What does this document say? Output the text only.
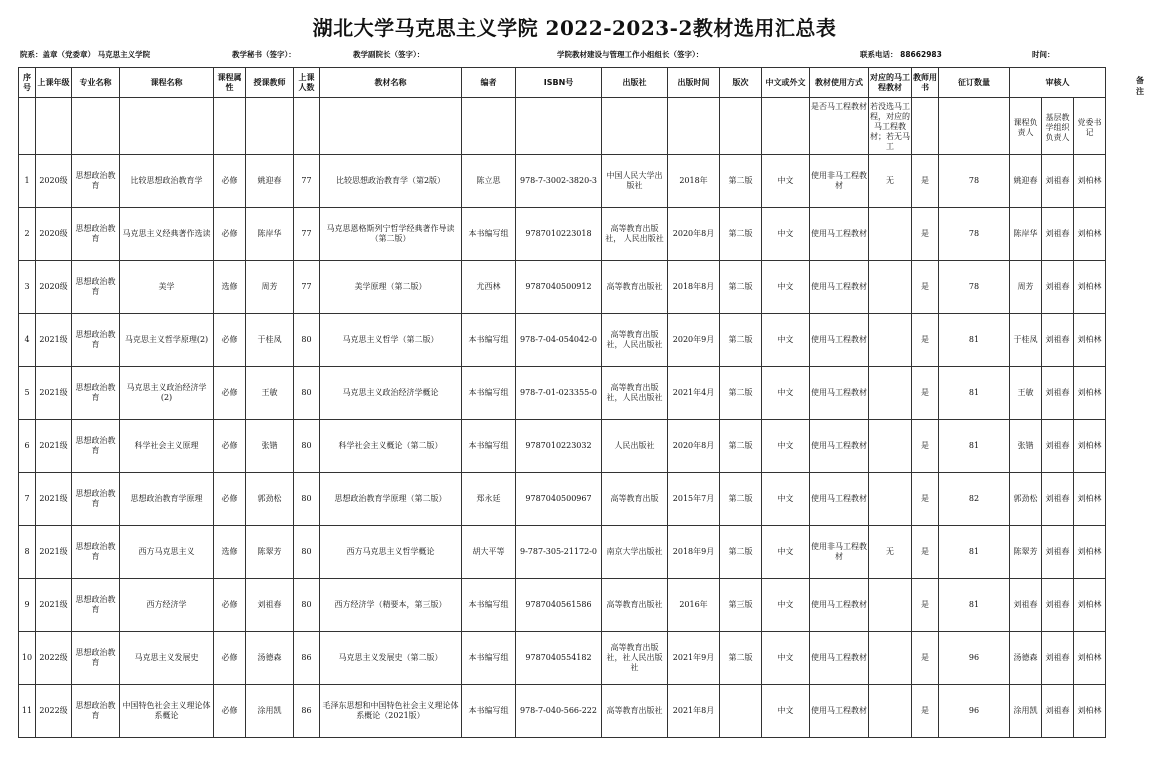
湖北大学马克思主义学院 2022-2023-2教材选用汇总表
院系：盖章（党委章） 马克思主义学院	教学秘书（签字）：	教学副院长（签字）：	学院教材建设与管理工作小组组长（签字）：	联系电话： 88662983	时间：
序号	上课年级	专业名称	课程名称	课程属性	授课教师	上课人数	教材名称	编者	ISBN号	出版社	出版时间	版次	中文或外文	教材使用方式	对应的马工程教材	教师用书	征订数量	审核人		
														是否马工程教材	若没选马工程，对应的马工程教材；若无马工			课程负责人	基层教学组织负责人	党委书记
1	2020级	思想政治教育	比较思想政治教育学	必修	姚迎春	77	比较思想政治教育学（第2版）	陈立思	978-7-3002-3820-3	中国人民大学出版社	2018年	第二版	中文	使用非马工程教材	无	是	78	姚迎春	刘祖春	刘柏林
2	2020级	思想政治教育	马克思主义经典著作选读	必修	陈岸华	77	马克思恩格斯列宁哲学经典著作导读（第二版）	本书编写组	9787010223018	高等教育出版社， 人民出版社	2020年8月	第二版	中文	使用马工程教材		是	78	陈岸华	刘祖春	刘柏林
3	2020级	思想政治教育	美学	选修	周芳	77	美学原理（第二版）	尤西林	9787040500912	高等教育出版社	2018年8月	第二版	中文	使用马工程教材		是	78	周芳	刘祖春	刘柏林
4	2021级	思想政治教育	马克思主义哲学原理(2)	必修	于桂凤	80	马克思主义哲学（第二版）	本书编写组	978-7-04-054042-0	高等教育出版社，人民出版社	2020年9月	第二版	中文	使用马工程教材		是	81	于桂凤	刘祖春	刘柏林
5	2021级	思想政治教育	马克思主义政治经济学(2)	必修	王敏	80	马克思主义政治经济学概论	本书编写组	978-7-01-023355-0	高等教育出版社，人民出版社	2021年4月	第二版	中文	使用马工程教材		是	81	王敏	刘祖春	刘柏林
6	2021级	思想政治教育	科学社会主义原理	必修	张锴	80	科学社会主义概论（第二版）	本书编写组	9787010223032	人民出版社	2020年8月	第二版	中文	使用马工程教材		是	81	张锴	刘祖春	刘柏林
7	2021级	思想政治教育	思想政治教育学原理	必修	郭劲松	80	思想政治教育学原理（第二版）	郑永廷	9787040500967	高等教育出版	2015年7月	第二版	中文	使用马工程教材		是	82	郭劲松	刘祖春	刘柏林
8	2021级	思想政治教育	西方马克思主义	选修	陈翠芳	80	西方马克思主义哲学概论	胡大平等	9-787-305-21172-0	南京大学出版社	2018年9月	第二版	中文	使用非马工程教材	无	是	81	陈翠芳	刘祖春	刘柏林
9	2021级	思想政治教育	西方经济学	必修	刘祖春	80	西方经济学（精要本，第三版）	本书编写组	9787040561586	高等教育出版社	2016年	第三版	中文	使用马工程教材		是	81	刘祖春	刘祖春	刘柏林
10	2022级	思想政治教育	马克思主义发展史	必修	汤德森	86	马克思主义发展史（第二版）	本书编写组	9787040554182	高等教育出版社，社人民出版社	2021年9月	第二版	中文	使用马工程教材		是	96	汤德森	刘祖春	刘柏林
11	2022级	思想政治教育	中国特色社会主义理论体系概论	必修	涂用凯	86	毛泽东思想和中国特色社会主义理论体系概论（2021版）	本书编写组	978-7-040-566-222	高等教育出版社	2021年8月		中文	使用马工程教材		是	96	涂用凯	刘祖春	刘柏林
备注
